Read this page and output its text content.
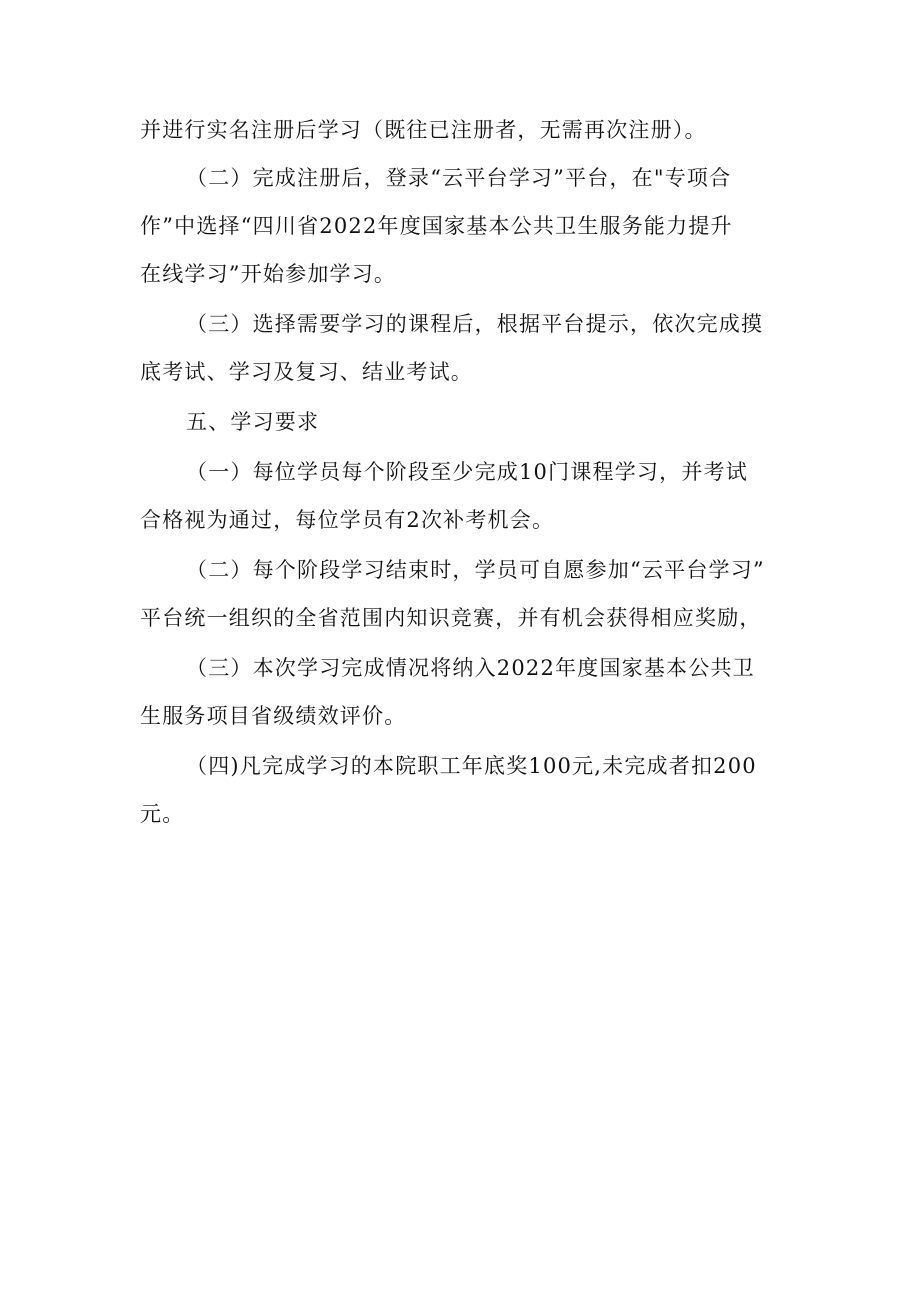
并进行实名注册后学习（既往已注册者，无需再次注册）。
（二）完成注册后，登录“云平台学习”平台，在"专项合
作”中选择“四川省2022年度国家基本公共卫生服务能力提升
在线学习”开始参加学习。
（三）选择需要学习的课程后，根据平台提示，依次完成摸
底考试、学习及复习、结业考试。
五、学习要求
（一）每位学员每个阶段至少完成10门课程学习，并考试
合格视为通过，每位学员有2次补考机会。
（二）每个阶段学习结束时，学员可自愿参加“云平台学习”
平台统一组织的全省范围内知识竞赛，并有机会获得相应奖励，
（三）本次学习完成情况将纳入2022年度国家基本公共卫
生服务项目省级绩效评价。
（四)凡完成学习的本院职工年底奖100元,未完成者扣200
元。
